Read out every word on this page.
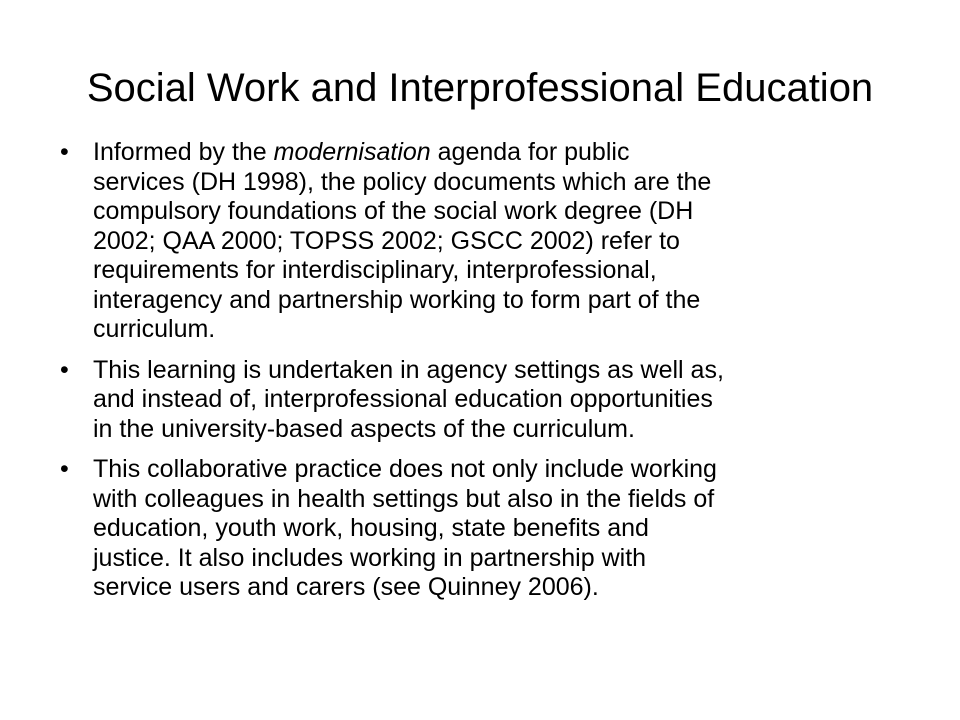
Social Work and Interprofessional Education
• Informed by the modernisation agenda for public
services (DH 1998), the policy documents which are the
compulsory foundations of the social work degree (DH
2002; QAA 2000; TOPSS 2002; GSCC 2002) refer to
requirements for interdisciplinary, interprofessional,
interagency and partnership working to form part of the
curriculum.
• This learning is undertaken in agency settings as well as,
and instead of, interprofessional education opportunities
in the university-based aspects of the curriculum.
• This collaborative practice does not only include working
with colleagues in health settings but also in the fields of
education, youth work, housing, state benefits and
justice. It also includes working in partnership with
service users and carers (see Quinney 2006).
